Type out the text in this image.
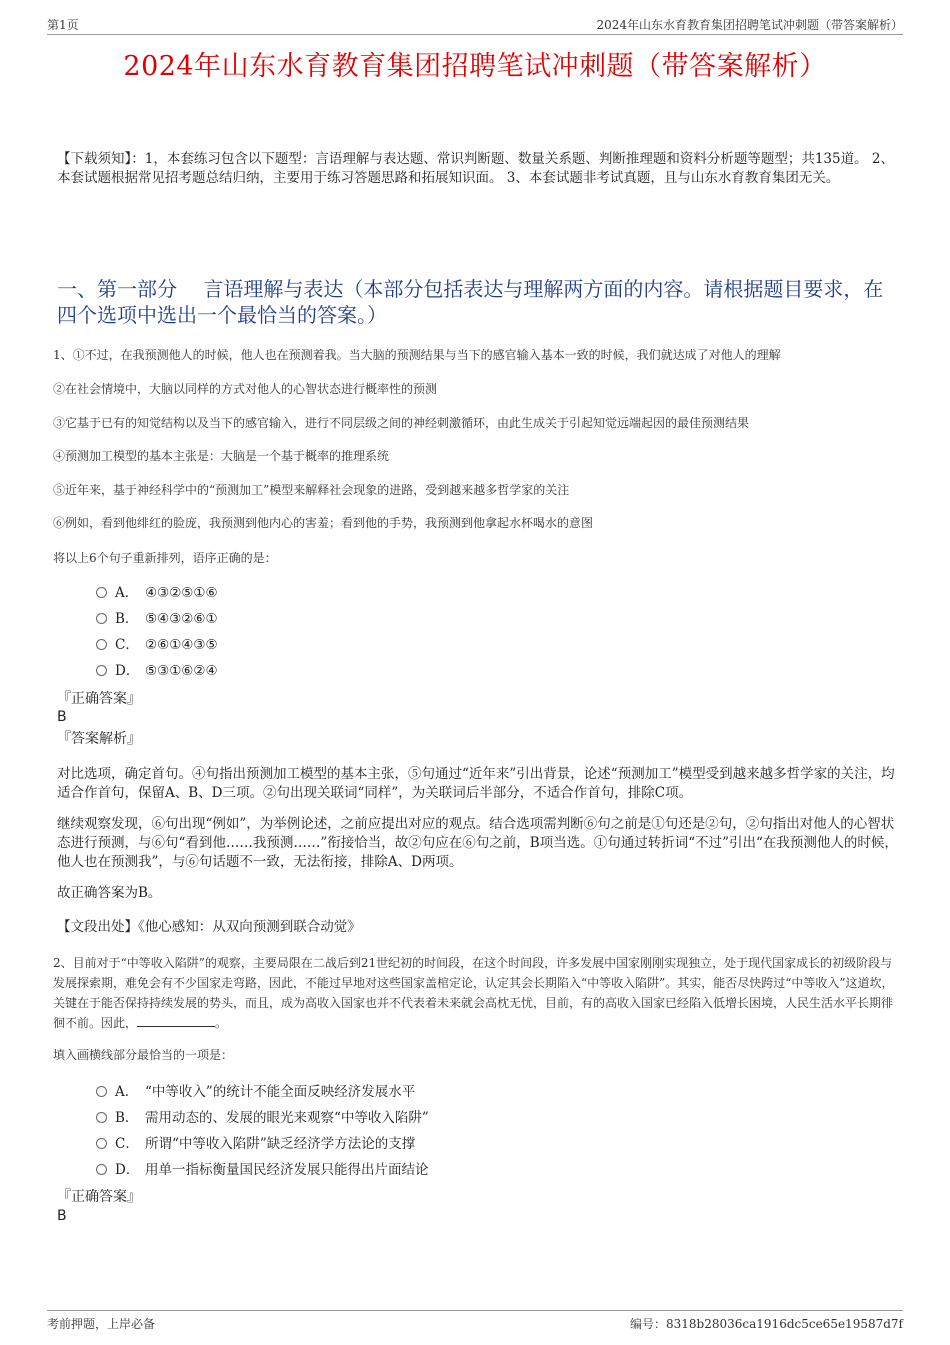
第1页	2024年山东水育教育集团招聘笔试冲刺题（带答案解析）
2024年山东水育教育集团招聘笔试冲刺题（带答案解析）
【下载须知】：1，本套练习包含以下题型：言语理解与表达题、常识判断题、数量关系题、判断推理题和资料分析题等题型；共135道。 2、本套试题根据常见招考题总结归纳，主要用于练习答题思路和拓展知识面。 3、本套试题非考试真题，且与山东水育教育集团无关。
一、第一部分　 言语理解与表达（本部分包括表达与理解两方面的内容。请根据题目要求，在四个选项中选出一个最恰当的答案。）
1、①不过，在我预测他人的时候，他人也在预测着我。当大脑的预测结果与当下的感官输入基本一致的时候，我们就达成了对他人的理解
②在社会情境中，大脑以同样的方式对他人的心智状态进行概率性的预测
③它基于已有的知觉结构以及当下的感官输入，进行不同层级之间的神经刺激循环，由此生成关于引起知觉远端起因的最佳预测结果
④预测加工模型的基本主张是：大脑是一个基于概率的推理系统
⑤近年来，基于神经科学中的“预测加工”模型来解释社会现象的进路，受到越来越多哲学家的关注
⑥例如，看到他绯红的脸庞，我预测到他内心的害羞；看到他的手势，我预测到他拿起水杯喝水的意图
将以上6个句子重新排列，语序正确的是：
A． ④③②⑤①⑥
B． ⑤④③②⑥①
C． ②⑥①④③⑤
D． ⑤③①⑥②④
『正确答案』
B
『答案解析』
对比选项，确定首句。④句指出预测加工模型的基本主张，⑤句通过“近年来”引出背景，论述“预测加工”模型受到越来越多哲学家的关注，均适合作首句，保留A、B、D三项。②句出现关联词“同样”，为关联词后半部分，不适合作首句，排除C项。
继续观察发现，⑥句出现“例如”，为举例论述，之前应提出对应的观点。结合选项需判断⑥句之前是①句还是②句，②句指出对他人的心智状态进行预测，与⑥句“看到他……我预测……”衔接恰当，故②句应在⑥句之前，B项当选。①句通过转折词“不过”引出“在我预测他人的时候，他人也在预测我”，与⑥句话题不一致，无法衔接，排除A、D两项。
故正确答案为B。
【文段出处】《他心感知：从双向预测到联合动觉》
2、目前对于“中等收入陷阱”的观察，主要局限在二战后到21世纪初的时间段，在这个时间段，许多发展中国家刚刚实现独立，处于现代国家成长的初级阶段与发展探索期，难免会有不少国家走弯路，因此，不能过早地对这些国家盖棺定论，认定其会长期陷入“中等收入陷阱”。其实，能否尽快跨过“中等收入”这道坎，关键在于能否保持持续发展的势头，而且，成为高收入国家也并不代表着未来就会高枕无忧，目前，有的高收入国家已经陷入低增长困境，人民生活水平长期徘徊不前。因此，	。
填入画横线部分最恰当的一项是：
A． “中等收入”的统计不能全面反映经济发展水平
B． 需用动态的、发展的眼光来观察“中等收入陷阱”
C． 所谓“中等收入陷阱”缺乏经济学方法论的支撑
D． 用单一指标衡量国民经济发展只能得出片面结论
『正确答案』
B
考前押题，上岸必备	编号：8318b28036ca1916dc5ce65e19587d7f
